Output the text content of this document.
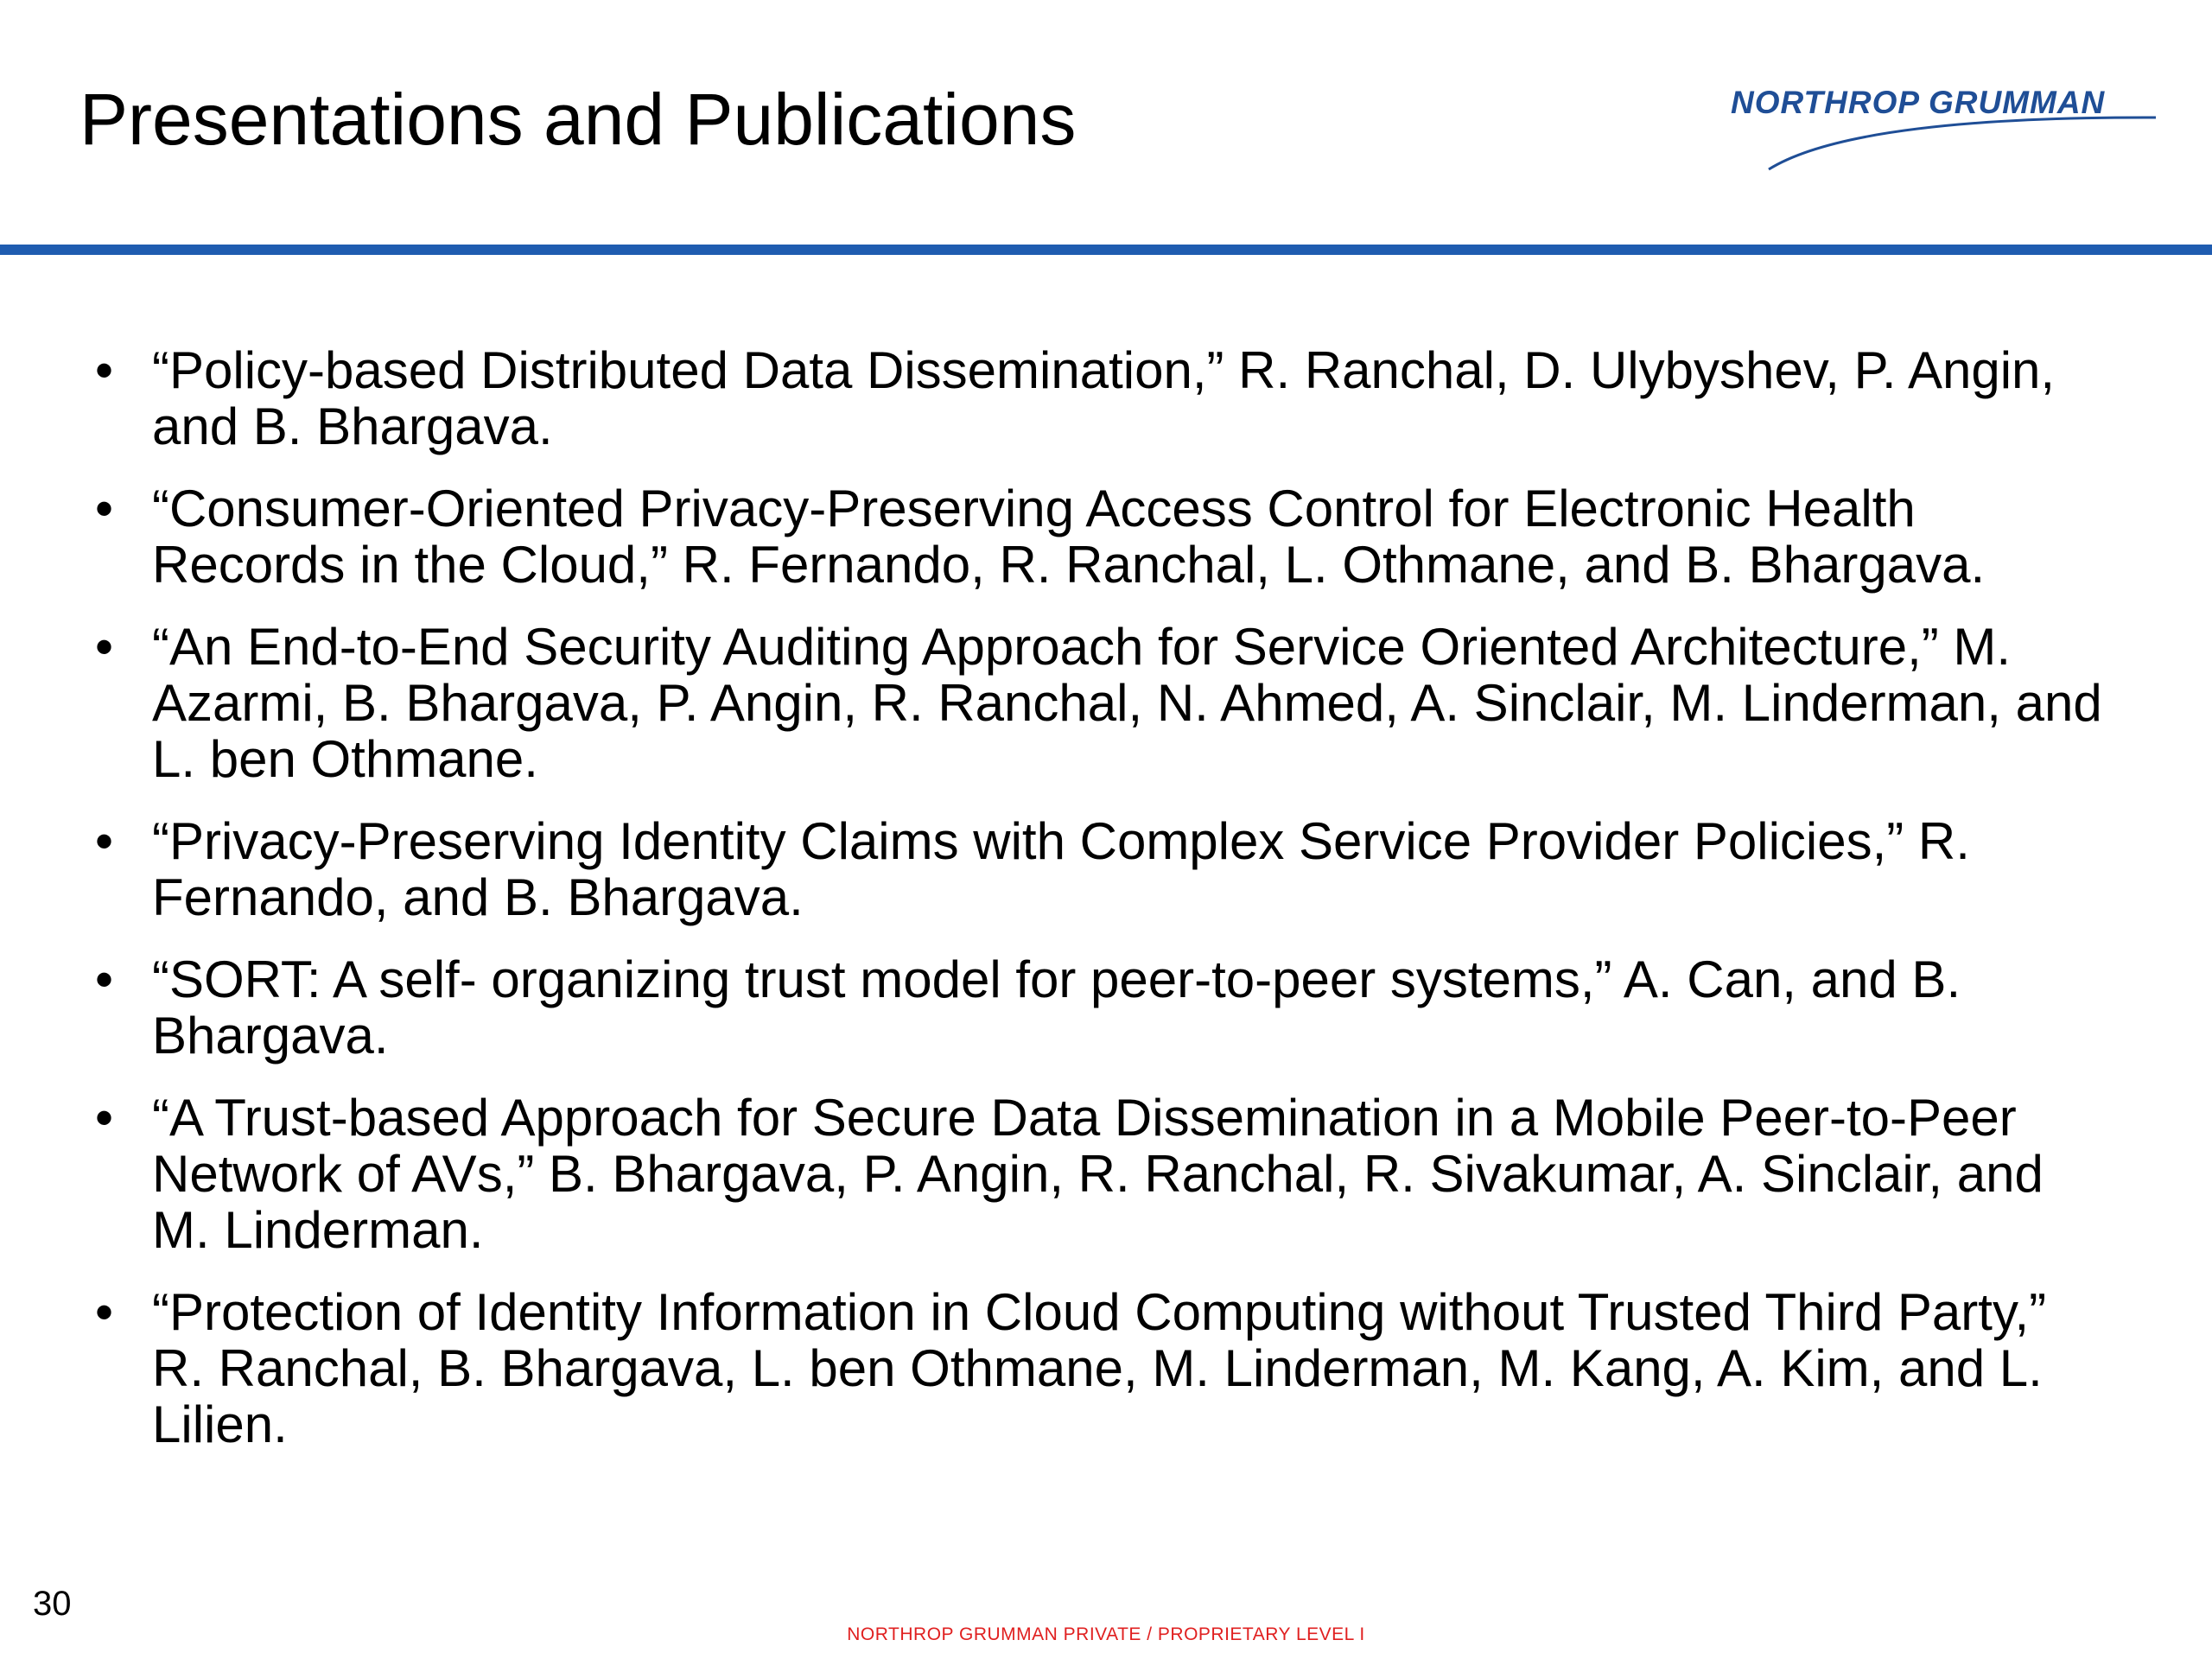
Presentations and Publications	NORTHROP GRUMMAN
• “Policy-based Distributed Data Dissemination,” R. Ranchal, D. Ulybyshev, P. Angin, and B. Bhargava.
• “Consumer-Oriented Privacy-Preserving Access Control for Electronic Health Records in the Cloud,” R. Fernando, R. Ranchal, L. Othmane, and B. Bhargava.
• “An End-to-End Security Auditing Approach for Service Oriented Architecture,” M. Azarmi, B. Bhargava, P. Angin, R. Ranchal, N. Ahmed, A. Sinclair, M. Linderman, and L. ben Othmane.
• “Privacy-Preserving Identity Claims with Complex Service Provider Policies,” R. Fernando, and B. Bhargava.
• “SORT: A self- organizing trust model for peer-to-peer systems,” A. Can, and B. Bhargava.
• “A Trust-based Approach for Secure Data Dissemination in a Mobile Peer-to-Peer Network of AVs,” B. Bhargava, P. Angin, R. Ranchal, R. Sivakumar, A. Sinclair, and M. Linderman.
• “Protection of Identity Information in Cloud Computing without Trusted Third Party,” R. Ranchal, B. Bhargava, L. ben Othmane, M. Linderman, M. Kang, A. Kim, and L. Lilien.
30
NORTHROP GRUMMAN PRIVATE / PROPRIETARY LEVEL I
